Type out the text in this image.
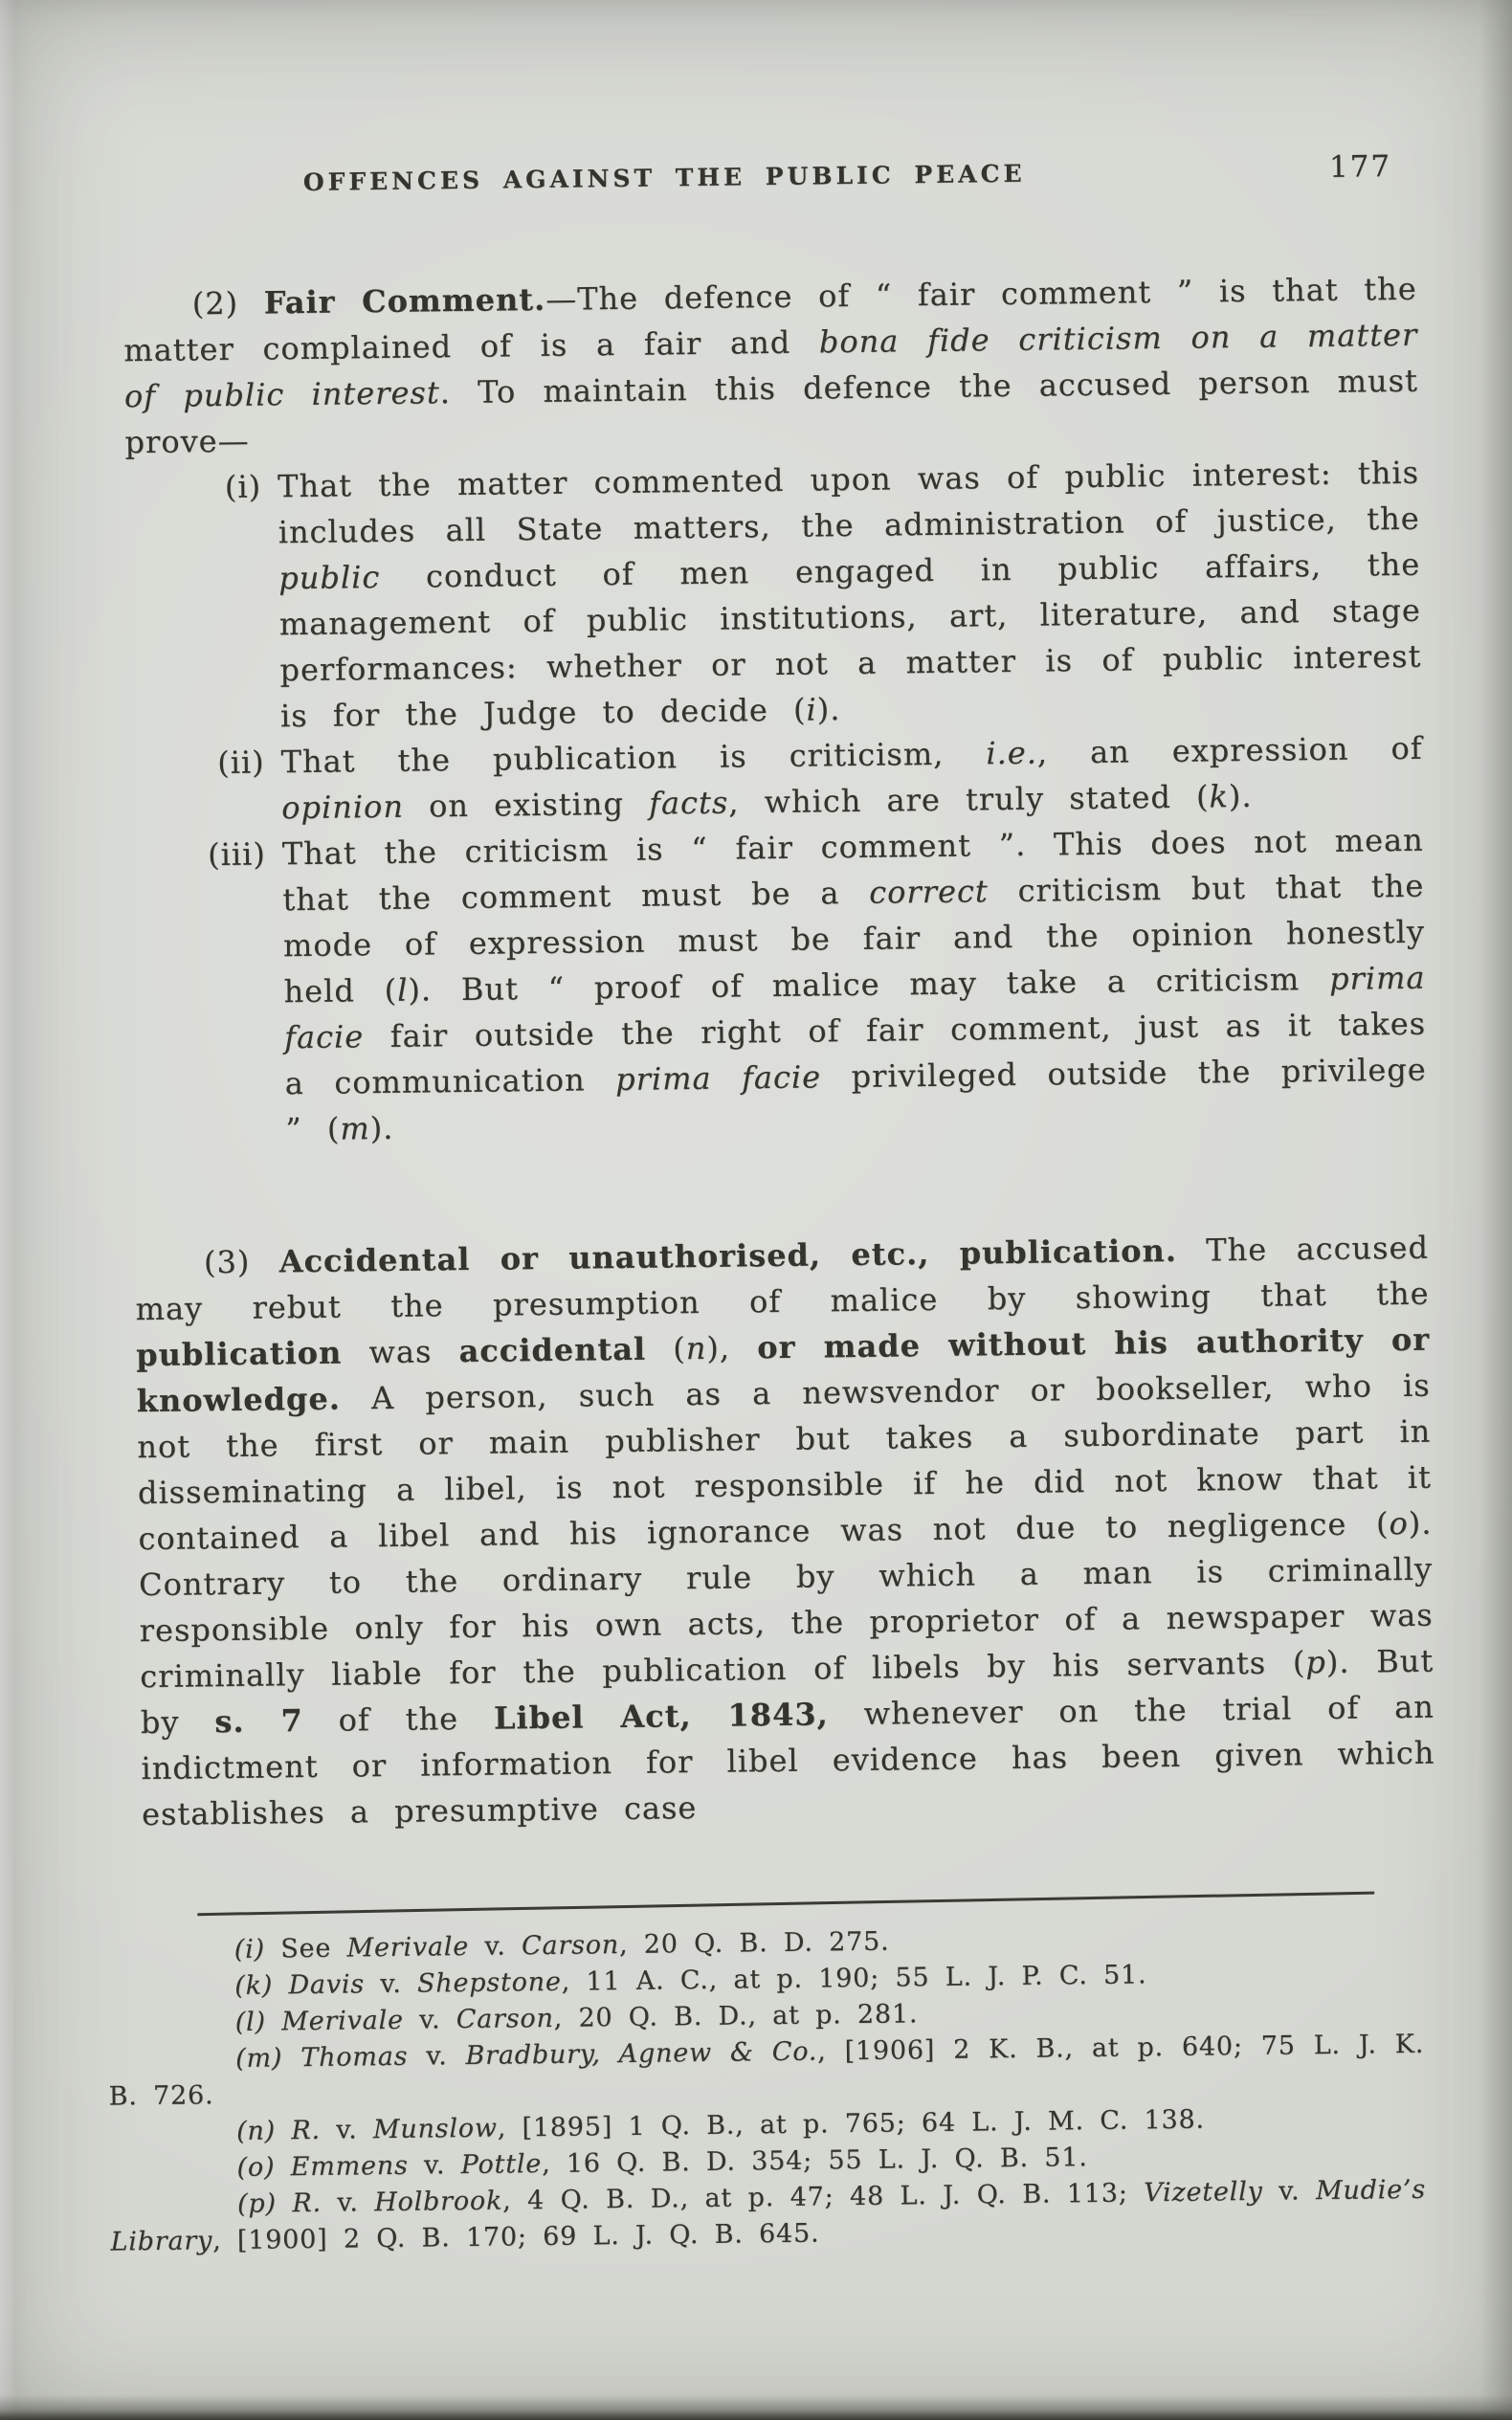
OFFENCES AGAINST THE PUBLIC PEACE	177

(2) Fair Comment.—The defence of “ fair comment ” is that the matter complained of is a fair and bona fide criticism on a matter of public interest. To maintain this defence the accused person must prove—

(i) That the matter commented upon was of public interest: this includes all State matters, the administration of justice, the public conduct of men engaged in public affairs, the management of public institutions, art, literature, and stage performances: whether or not a matter is of public interest is for the Judge to decide (i).
(ii) That the publication is criticism, i.e., an expression of opinion on existing facts, which are truly stated (k).
(iii) That the criticism is “ fair comment ”. This does not mean that the comment must be a correct criticism but that the mode of expression must be fair and the opinion honestly held (l). But “ proof of malice may take a criticism prima facie fair outside the right of fair comment, just as it takes a communication prima facie privileged outside the privilege ” (m).

(3) Accidental or unauthorised, etc., publication. The accused may rebut the presumption of malice by showing that the publication was accidental (n), or made without his authority or knowledge. A person, such as a newsvendor or bookseller, who is not the first or main publisher but takes a subordinate part in disseminating a libel, is not responsible if he did not know that it contained a libel and his ignorance was not due to negligence (o). Contrary to the ordinary rule by which a man is criminally responsible only for his own acts, the proprietor of a newspaper was criminally liable for the publication of libels by his servants (p). But by s. 7 of the Libel Act, 1843, whenever on the trial of an indictment or information for libel evidence has been given which establishes a presumptive case

(i) See Merivale v. Carson, 20 Q. B. D. 275.

(k) Davis v. Shepstone, 11 A. C., at p. 190; 55 L. J. P. C. 51.

(l) Merivale v. Carson, 20 Q. B. D., at p. 281.

(m) Thomas v. Bradbury, Agnew & Co., [1906] 2 K. B., at p. 640; 75 L. J. K. B. 726.

(n) R. v. Munslow, [1895] 1 Q. B., at p. 765; 64 L. J. M. C. 138.

(o) Emmens v. Pottle, 16 Q. B. D. 354; 55 L. J. Q. B. 51.

(p) R. v. Holbrook, 4 Q. B. D., at p. 47; 48 L. J. Q. B. 113; Vizetelly v. Mudie’s Library, [1900] 2 Q. B. 170; 69 L. J. Q. B. 645.
